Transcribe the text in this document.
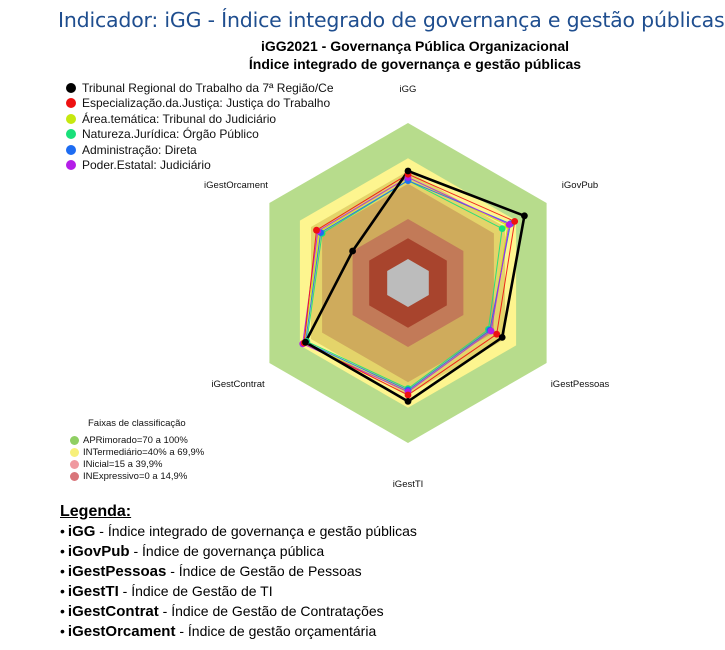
Indicador: iGG - Índice integrado de governança e gestão públicas
iGG2021 - Governança Pública Organizacional
Índice integrado de governança e gestão públicas
iGG
iGovPub
iGestPessoas
iGestTI
iGestContrat
iGestOrcament
Tribunal Regional do Trabalho da 7ª Região/Ce
Especialização.da.Justiça: Justiça do Trabalho
Área.temática: Tribunal do Judiciário
Natureza.Jurídica: Órgão Público
Administração: Direta
Poder.Estatal: Judiciário
Faixas de classificação
APRimorado=70 a 100%
INTermediário=40% a 69,9%
INicial=15 a 39,9%
INExpressivo=0 a 14,9%
Legenda:
• iGG - Índice integrado de governança e gestão públicas
• iGovPub - Índice de governança pública
• iGestPessoas - Índice de Gestão de Pessoas
• iGestTI - Índice de Gestão de TI
• iGestContrat - Índice de Gestão de Contratações
• iGestOrcament - Índice de gestão orçamentária
